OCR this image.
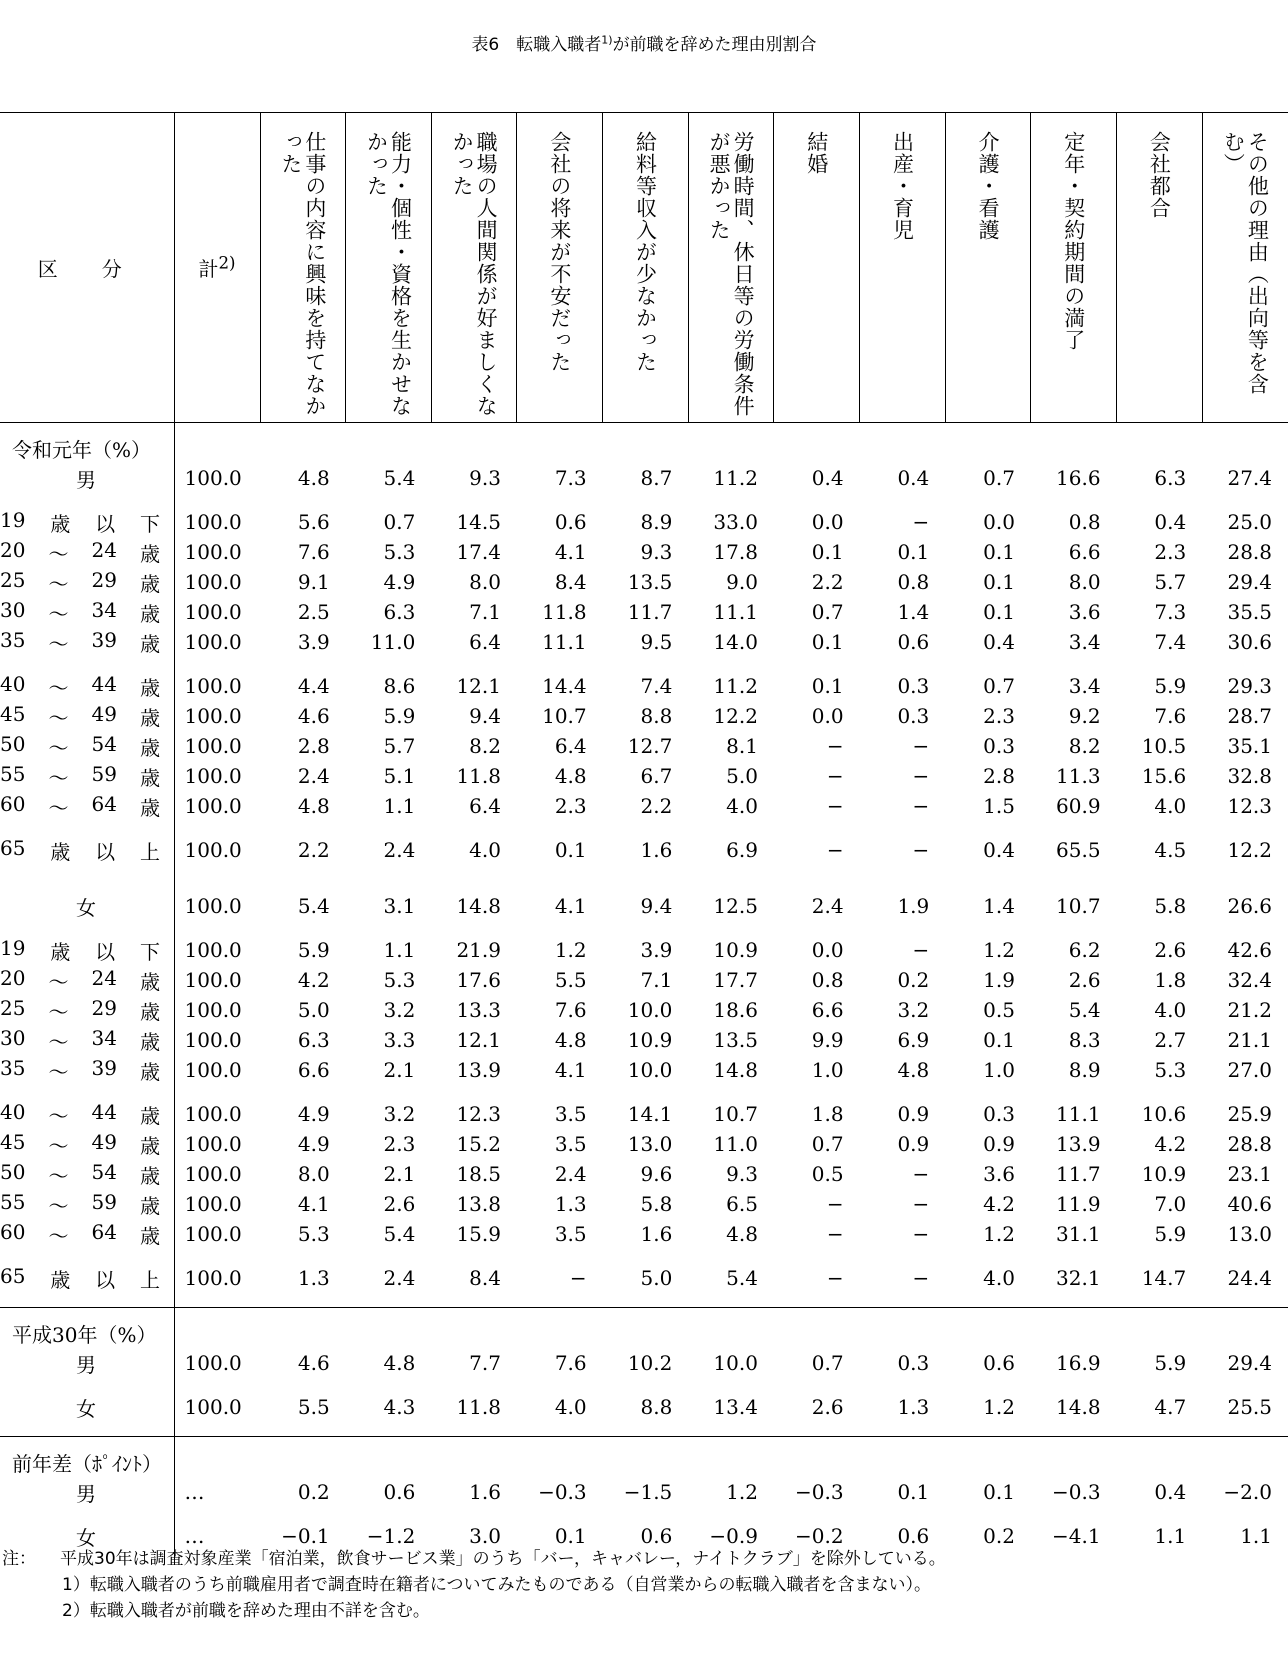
表6　転職入職者$^{1)}$が前職を辞めた理由別割合
区分	計$^{2)}$	仕事の内容に興味を持てなかった	能力・個性・資格を生かせなかった	職場の人間関係が好ましくなかった	会社の将来が不安だった	給料等収入が少なかった	労働時間、休日等の労働条件が悪かった	結婚	出産・育児	介護・看護	定年・契約期間の満了	会社都合	その他の理由（出向等を含む）
令和元年（%）													
男	100.0	4.8	5.4	9.3	7.3	8.7	11.2	0.4	0.4	0.7	16.6	6.3	27.4

19 歳 以 下	100.0	5.6	0.7	14.5	0.6	8.9	33.0	0.0	−	0.0	0.8	0.4	25.0

20 ～ 24 歳	100.0	7.6	5.3	17.4	4.1	9.3	17.8	0.1	0.1	0.1	6.6	2.3	28.8

25 ～ 29 歳	100.0	9.1	4.9	8.0	8.4	13.5	9.0	2.2	0.8	0.1	8.0	5.7	29.4

30 ～ 34 歳	100.0	2.5	6.3	7.1	11.8	11.7	11.1	0.7	1.4	0.1	3.6	7.3	35.5

35 ～ 39 歳	100.0	3.9	11.0	6.4	11.1	9.5	14.0	0.1	0.6	0.4	3.4	7.4	30.6

40 ～ 44 歳	100.0	4.4	8.6	12.1	14.4	7.4	11.2	0.1	0.3	0.7	3.4	5.9	29.3

45 ～ 49 歳	100.0	4.6	5.9	9.4	10.7	8.8	12.2	0.0	0.3	2.3	9.2	7.6	28.7

50 ～ 54 歳	100.0	2.8	5.7	8.2	6.4	12.7	8.1	−	−	0.3	8.2	10.5	35.1

55 ～ 59 歳	100.0	2.4	5.1	11.8	4.8	6.7	5.0	−	−	2.8	11.3	15.6	32.8

60 ～ 64 歳	100.0	4.8	1.1	6.4	2.3	2.2	4.0	−	−	1.5	60.9	4.0	12.3

65 歳 以 上	100.0	2.2	2.4	4.0	0.1	1.6	6.9	−	−	0.4	65.5	4.5	12.2

女	100.0	5.4	3.1	14.8	4.1	9.4	12.5	2.4	1.9	1.4	10.7	5.8	26.6

19 歳 以 下	100.0	5.9	1.1	21.9	1.2	3.9	10.9	0.0	−	1.2	6.2	2.6	42.6

20 ～ 24 歳	100.0	4.2	5.3	17.6	5.5	7.1	17.7	0.8	0.2	1.9	2.6	1.8	32.4

25 ～ 29 歳	100.0	5.0	3.2	13.3	7.6	10.0	18.6	6.6	3.2	0.5	5.4	4.0	21.2

30 ～ 34 歳	100.0	6.3	3.3	12.1	4.8	10.9	13.5	9.9	6.9	0.1	8.3	2.7	21.1

35 ～ 39 歳	100.0	6.6	2.1	13.9	4.1	10.0	14.8	1.0	4.8	1.0	8.9	5.3	27.0

40 ～ 44 歳	100.0	4.9	3.2	12.3	3.5	14.1	10.7	1.8	0.9	0.3	11.1	10.6	25.9

45 ～ 49 歳	100.0	4.9	2.3	15.2	3.5	13.0	11.0	0.7	0.9	0.9	13.9	4.2	28.8

50 ～ 54 歳	100.0	8.0	2.1	18.5	2.4	9.6	9.3	0.5	−	3.6	11.7	10.9	23.1

55 ～ 59 歳	100.0	4.1	2.6	13.8	1.3	5.8	6.5	−	−	4.2	11.9	7.0	40.6

60 ～ 64 歳	100.0	5.3	5.4	15.9	3.5	1.6	4.8	−	−	1.2	31.1	5.9	13.0

65 歳 以 上	100.0	1.3	2.4	8.4	−	5.0	5.4	−	−	4.0	32.1	14.7	24.4

平成30年（%）													
男	100.0	4.6	4.8	7.7	7.6	10.2	10.0	0.7	0.3	0.6	16.9	5.9	29.4

女	100.0	5.5	4.3	11.8	4.0	8.8	13.4	2.6	1.3	1.2	14.8	4.7	25.5

前年差（ﾎﾟｲﾝﾄ）													
男	…	0.2	0.6	1.6	−0.3	−1.5	1.2	−0.3	0.1	0.1	−0.3	0.4	−2.0

女	…	−0.1	−1.2	3.0	0.1	0.6	−0.9	−0.2	0.6	0.2	−4.1	1.1	1.1

注： 平成30年は調査対象産業「宿泊業，飲食サービス業」のうち「バー，キャバレー，ナイトクラブ」を除外している。
1）転職入職者のうち前職雇用者で調査時在籍者についてみたものである（自営業からの転職入職者を含まない）。
2）転職入職者が前職を辞めた理由不詳を含む。
